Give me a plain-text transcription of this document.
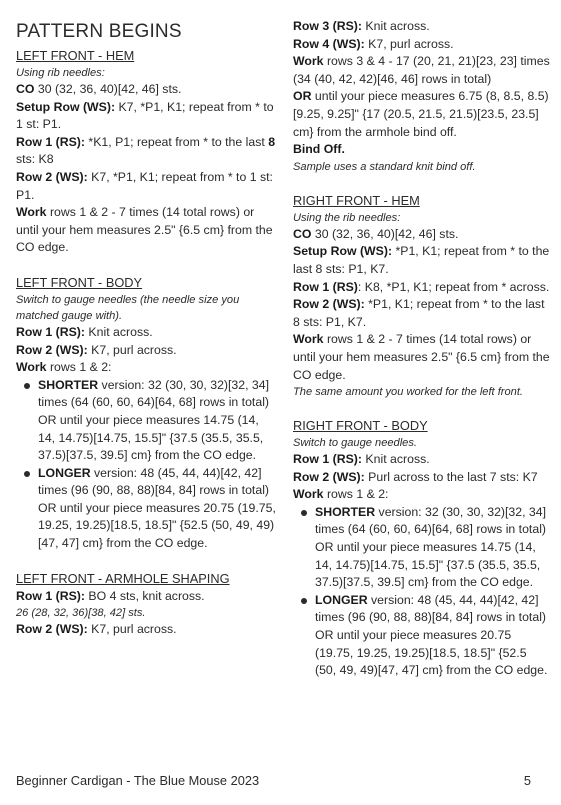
PATTERN BEGINS

LEFT FRONT - HEM

Using rib needles:

CO 30 (32, 36, 40)[42, 46] sts.

Setup Row (WS): K7, *P1, K1; repeat from * to 1 st: P1.

Row 1 (RS): *K1, P1; repeat from * to the last 8 sts: K8

Row 2 (WS): K7, *P1, K1; repeat from * to 1 st: P1.

Work rows 1 & 2 - 7 times (14 total rows) or until your hem measures 2.5" {6.5 cm} from the CO edge.

LEFT FRONT - BODY

Switch to gauge needles (the needle size you matched gauge with).

Row 1 (RS): Knit across.

Row 2 (WS): K7, purl across.

Work rows 1 & 2:

SHORTER version: 32 (30, 30, 32)[32, 34] times (64 (60, 60, 64)[64, 68] rows in total) OR until your piece measures 14.75 (14, 14, 14.75)[14.75, 15.5]" {37.5 (35.5, 35.5, 37.5)[37.5, 39.5] cm} from the CO edge.
LONGER version: 48 (45, 44, 44)[42, 42] times (96 (90, 88, 88)[84, 84] rows in total) OR until your piece measures 20.75 (19.75, 19.25, 19.25)[18.5, 18.5]" {52.5 (50, 49, 49)[47, 47] cm} from the CO edge.

LEFT FRONT - ARMHOLE SHAPING

Row 1 (RS): BO 4 sts, knit across.

26 (28, 32, 36)[38, 42] sts.

Row 2 (WS): K7, purl across.

Row 3 (RS): Knit across.

Row 4 (WS): K7, purl across.

Work rows 3 & 4 - 17 (20, 21, 21)[23, 23] times (34 (40, 42, 42)[46, 46] rows in total)

OR until your piece measures 6.75 (8, 8.5, 8.5)[9.25, 9.25]" {17 (20.5, 21.5, 21.5)[23.5, 23.5] cm} from the armhole bind off.

Bind Off.

Sample uses a standard knit bind off.

RIGHT FRONT - HEM

Using the rib needles:

CO 30 (32, 36, 40)[42, 46] sts.

Setup Row (WS): *P1, K1; repeat from * to the last 8 sts: P1, K7.

Row 1 (RS): K8, *P1, K1; repeat from * across.

Row 2 (WS): *P1, K1; repeat from * to the last 8 sts: P1, K7.

Work rows 1 & 2 - 7 times (14 total rows) or until your hem measures 2.5" {6.5 cm} from the CO edge.

The same amount you worked for the left front.

RIGHT FRONT - BODY

Switch to gauge needles.

Row 1 (RS): Knit across.

Row 2 (WS): Purl across to the last 7 sts: K7

Work rows 1 & 2:

SHORTER version: 32 (30, 30, 32)[32, 34] times (64 (60, 60, 64)[64, 68] rows in total) OR until your piece measures 14.75 (14, 14, 14.75)[14.75, 15.5]" {37.5 (35.5, 35.5, 37.5)[37.5, 39.5] cm} from the CO edge.
LONGER version: 48 (45, 44, 44)[42, 42] times (96 (90, 88, 88)[84, 84] rows in total) OR until your piece measures 20.75 (19.75, 19.25, 19.25)[18.5, 18.5]" {52.5 (50, 49, 49)[47, 47] cm} from the CO edge.
Beginner Cardigan - The Blue Mouse 2023	5
